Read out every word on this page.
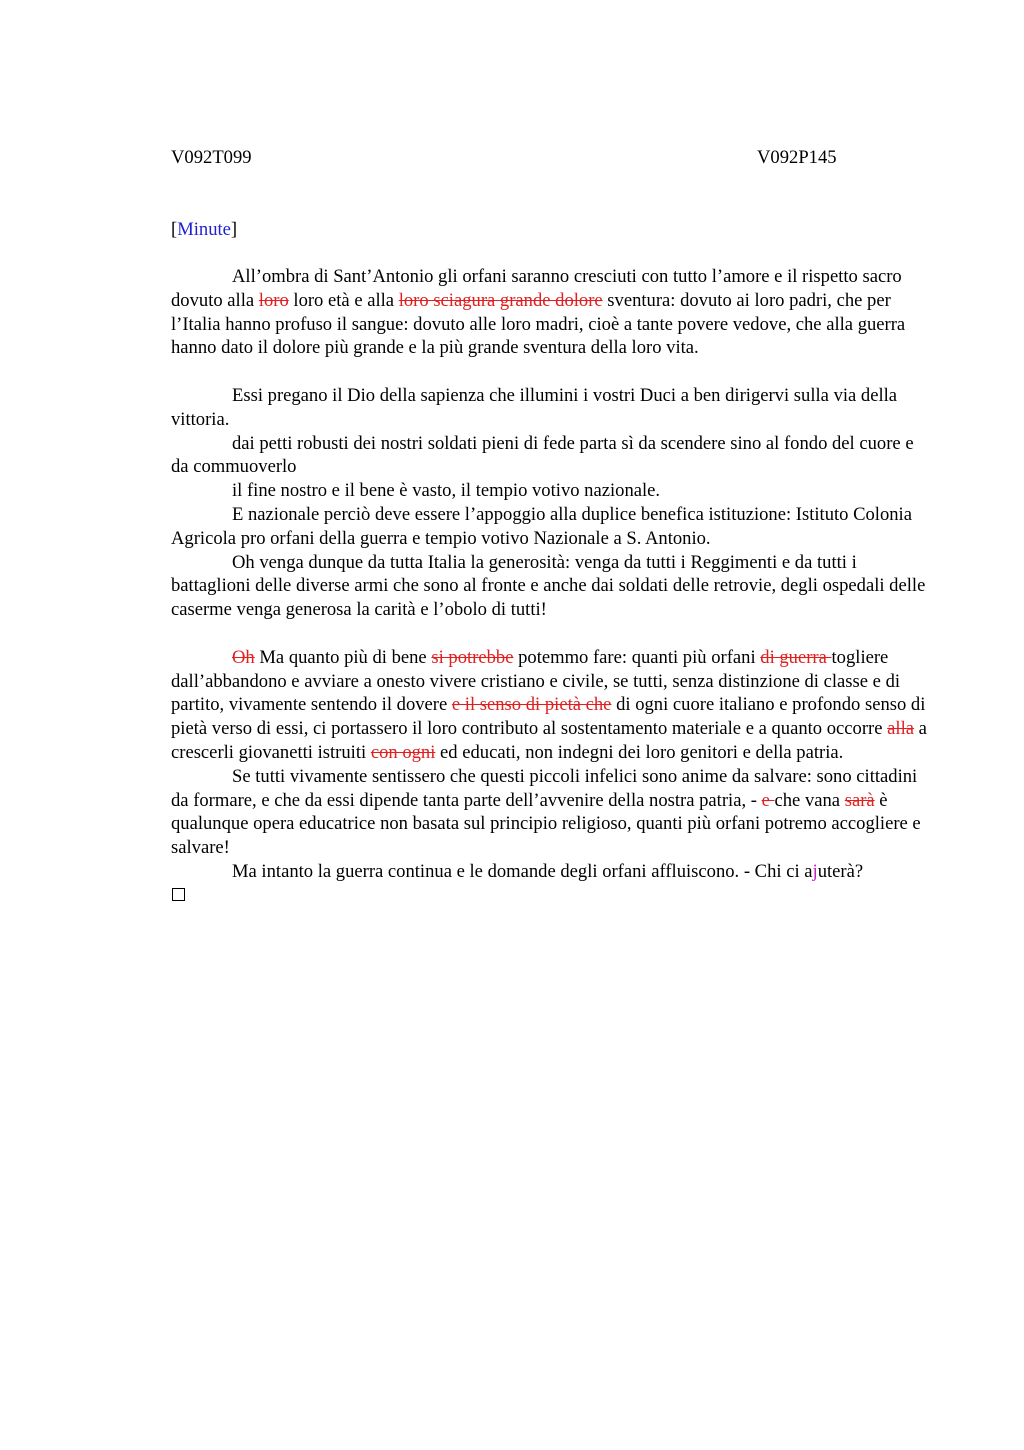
V092T099	V092P145
[Minute]

All’ombra di Sant’Antonio gli orfani saranno cresciuti con tutto l’amore e il rispetto sacro dovuto alla loro loro età e alla loro sciagura grande dolore sventura: dovuto ai loro padri, che per l’Italia hanno profuso il sangue: dovuto alle loro madri, cioè a tante povere vedove, che alla guerra hanno dato il dolore più grande e la più grande sventura della loro vita.

Essi pregano il Dio della sapienza che illumini i vostri Duci a ben dirigervi sulla via della vittoria.

dai petti robusti dei nostri soldati pieni di fede parta sì da scendere sino al fondo del cuore e da commuoverlo

il fine nostro e il bene è vasto, il tempio votivo nazionale.

E nazionale perciò deve essere l’appoggio alla duplice benefica istituzione: Istituto Colonia Agricola pro orfani della guerra e tempio votivo Nazionale a S. Antonio.

Oh venga dunque da tutta Italia la generosità: venga da tutti i Reggimenti e da tutti i battaglioni delle diverse armi che sono al fronte e anche dai soldati delle retrovie, degli ospedali delle caserme venga generosa la carità e l’obolo di tutti!

Oh Ma quanto più di bene si potrebbe potemmo fare: quanti più orfani di guerra togliere dall’abbandono e avviare a onesto vivere cristiano e civile, se tutti, senza distinzione di classe e di partito, vivamente sentendo il dovere e il senso di pietà che di ogni cuore italiano e profondo senso di pietà verso di essi, ci portassero il loro contributo al sostentamento materiale e a quanto occorre alla a crescerli giovanetti istruiti con ogni ed educati, non indegni dei loro genitori e della patria.

Se tutti vivamente sentissero che questi piccoli infelici sono anime da salvare: sono cittadini da formare, e che da essi dipende tanta parte dell’avvenire della nostra patria, - e che vana sarà è qualunque opera educatrice non basata sul principio religioso, quanti più orfani potremo accogliere e salvare!

Ma intanto la guerra continua e le domande degli orfani affluiscono. - Chi ci ajuterà?
